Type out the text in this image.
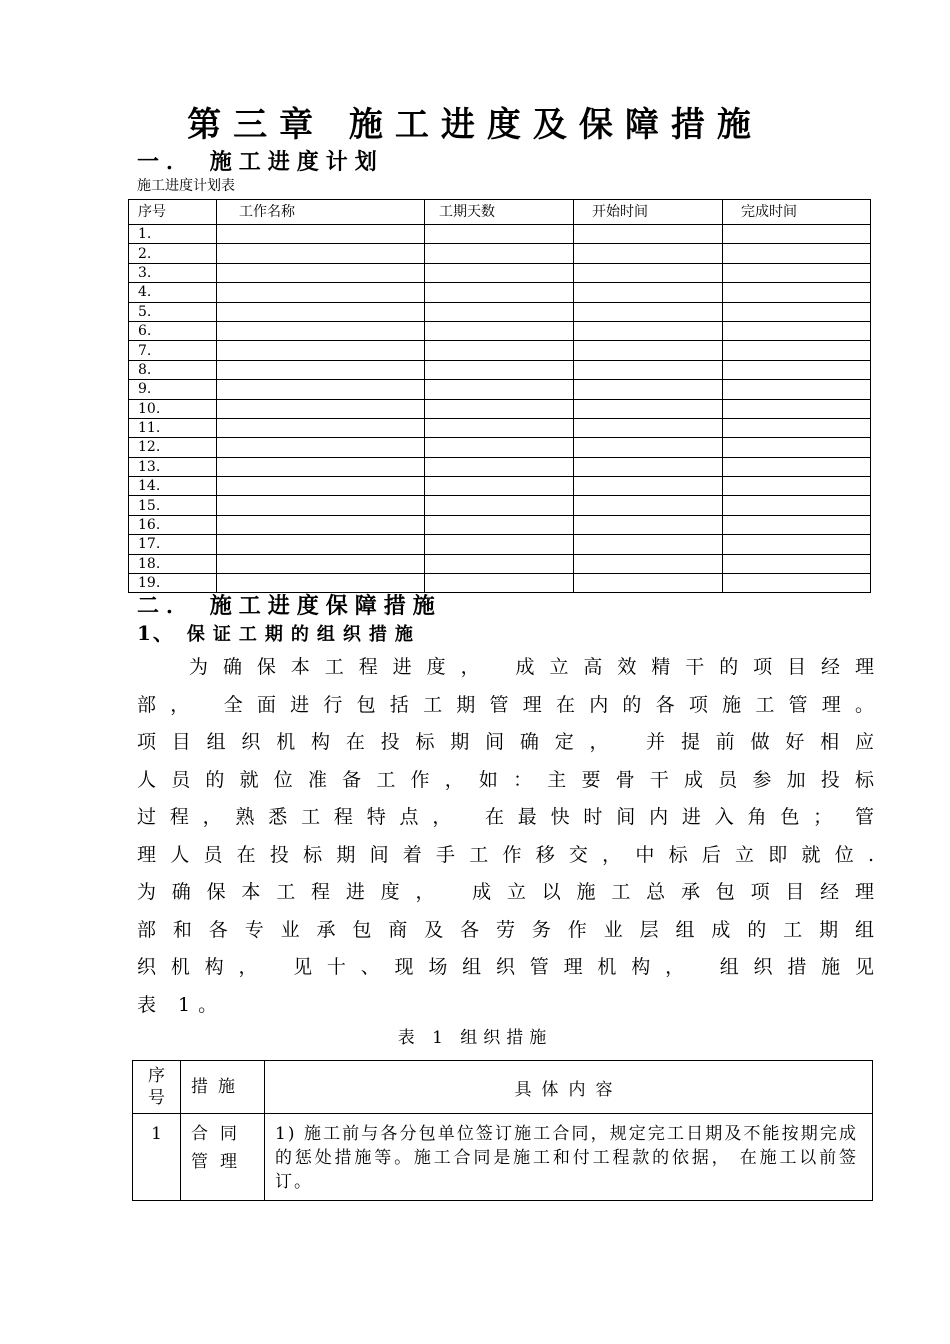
第三章 施工进度及保障措施
一． 施工进度计划
施工进度计划表
序号	工作名称	工期天数	开始时间	完成时间
1.				
2.				
3.				
4.				
5.				
6.				
7.				
8.				
9.				
10.				
11.				
12.				
13.				
14.				
15.				
16.				
17.				
18.				
19.				
二． 施工进度保障措施
1、 保证工期的组织措施
为确保本工程进度， 成立高效精干的项目经理
部， 全面进行包括工期管理在内的各项施工管理。
项目组织机构在投标期间确定， 并提前做好相应
人员的就位准备工作，如：主要骨干成员参加投标
过程，熟悉工程特点， 在最快时间内进入角色； 管
理人员在投标期间着手工作移交，中标后立即就位.
为确保本工程进度， 成立以施工总承包项目经理
部和各专业承包商及各劳务作业层组成的工期组
织机构， 见十、现场组织管理机构， 组织措施见
表 1。
表 1 组织措施
序号	措施	具体内容
1	合同管理	1) 施工前与各分包单位签订施工合同，规定完工日期及不能按期完成的惩处措施等。施工合同是施工和付工程款的依据， 在施工以前签订。
